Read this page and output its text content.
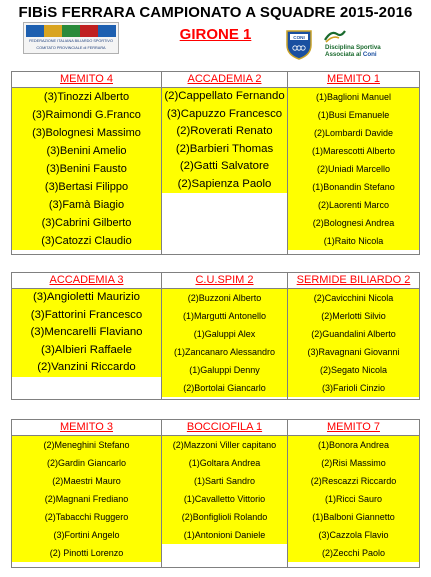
FIBiS FERRARA CAMPIONATO A SQUADRE 2015-2016
GIRONE 1
FEDERAZIONE ITALIANA BILIARDO SPORTIVO
COMITATO PROVINCIALE di FERRARA
CONI
Disciplina Sportiva
Associata al Coni
MEMITO 4
(3)Tinozzi Alberto
(3)Raimondi G.Franco
(3)Bolognesi Massimo
(3)Benini Amelio
(3)Benini Fausto
(3)Bertasi Filippo
(3)Famà Biagio
(3)Cabrini Gilberto
(3)Catozzi Claudio
ACCADEMIA 2
(2)Cappellato Fernando
(3)Capuzzo Francesco
(2)Roverati Renato
(2)Barbieri Thomas
(2)Gatti Salvatore
(2)Sapienza Paolo
MEMITO 1
(1)Baglioni Manuel
(1)Busi Emanuele
(2)Lombardi Davide
(1)Marescotti Alberto
(2)Uniadi Marcello
(1)Bonandin Stefano
(2)Laorenti Marco
(2)Bolognesi Andrea
(1)Raito Nicola
ACCADEMIA 3
(3)Angioletti Maurizio
(3)Fattorini Francesco
(3)Mencarelli Flaviano
(3)Albieri Raffaele
(2)Vanzini Riccardo
C.U.SPIM 2
(2)Buzzoni Alberto
(1)Margutti Antonello
(1)Galuppi Alex
(1)Zancanaro Alessandro
(1)Galuppi Denny
(2)Bortolai Giancarlo
SERMIDE BILIARDO 2
(2)Cavicchini Nicola
(2)Merlotti Silvio
(2)Guandalini Alberto
(3)Ravagnani Giovanni
(2)Segato Nicola
(3)Farioli Cinzio
MEMITO 3
(2)Meneghini Stefano
(2)Gardin Giancarlo
(2)Maestri Mauro
(2)Magnani Frediano
(2)Tabacchi Ruggero
(3)Fortini Angelo
(2) Pinotti Lorenzo
BOCCIOFILA 1
(2)Mazzoni Viller capitano
(1)Goltara Andrea
(1)Sarti Sandro
(1)Cavalletto Vittorio
(2)Bonfiglioli Rolando
(1)Antonioni Daniele
MEMITO 7
(1)Bonora Andrea
(2)Risi Massimo
(2)Rescazzi Riccardo
(1)Ricci Sauro
(1)Balboni Giannetto
(3)Cazzola Flavio
(2)Zecchi Paolo
